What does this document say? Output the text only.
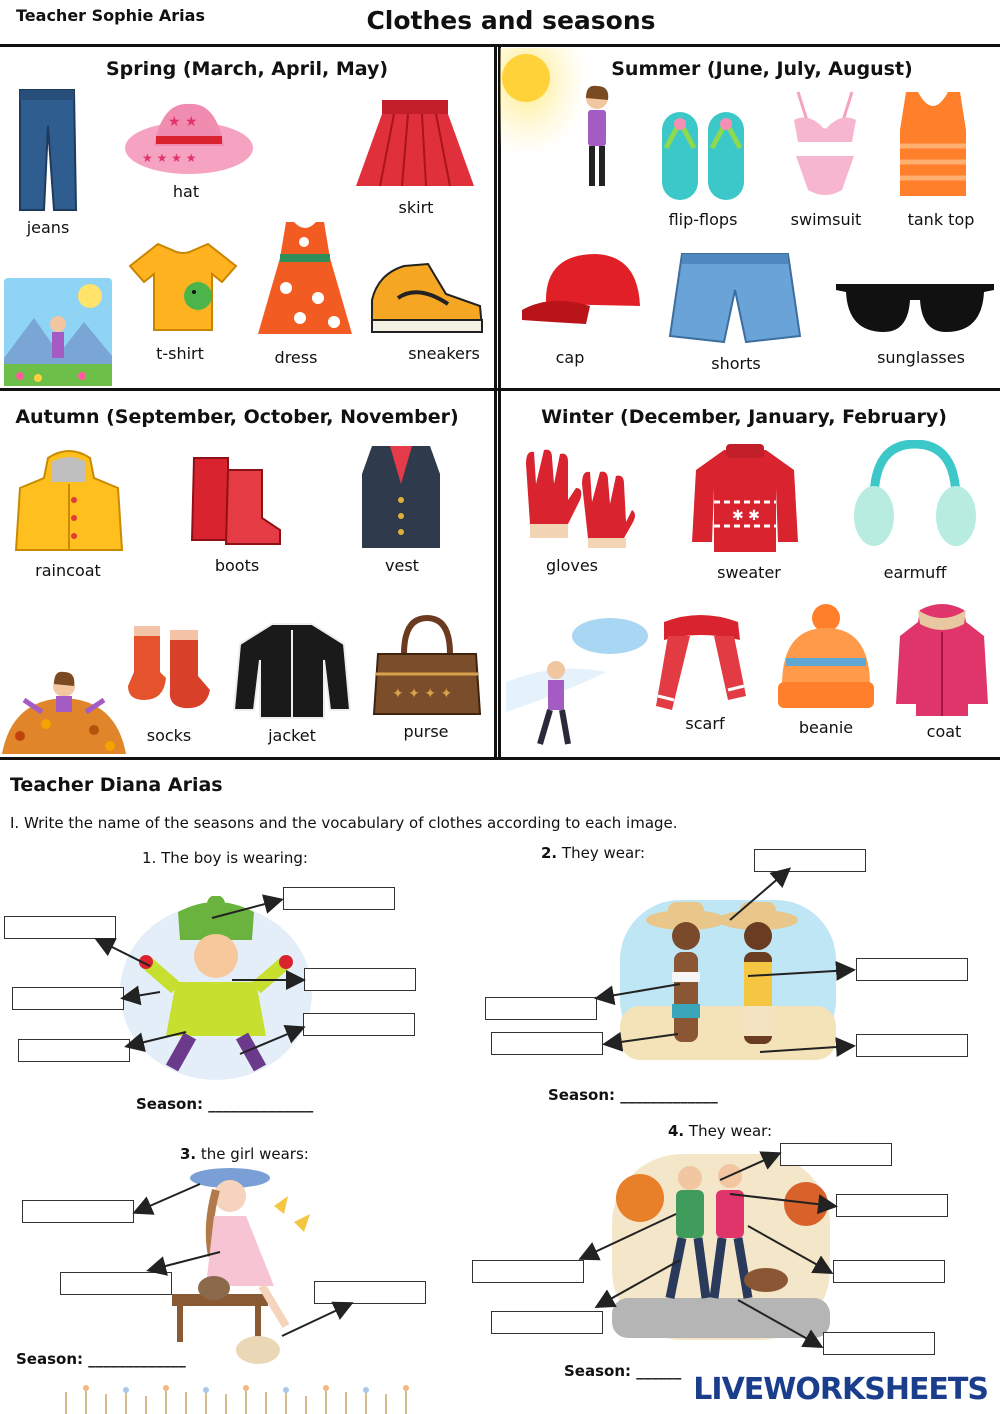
Teacher Sophie Arias	Clothes and seasons
Spring (March, April, May)
jeans
★ ★
★ ★ ★ ★
hat
skirt
t-shirt	dress	sneakers
Summer (June, July, August)
flip-flops	swimsuit	tank top
cap	shorts	sunglasses
Autumn (September, October, November)
raincoat	boots	vest
socks	jacket
✦ ✦ ✦ ✦
purse
Winter (December, January, February)
gloves
✱ ✱
sweater	earmuff
scarf	beanie	coat
Teacher Diana Arias
I. Write the name of the seasons and the vocabulary of clothes according to each image.
1. The boy is wearing:
Season: ______________
2. They wear:
Season: _____________
3. the girl wears:
Season: _____________
4. They wear:
Season: ______
LIVEWORKSHEETS
